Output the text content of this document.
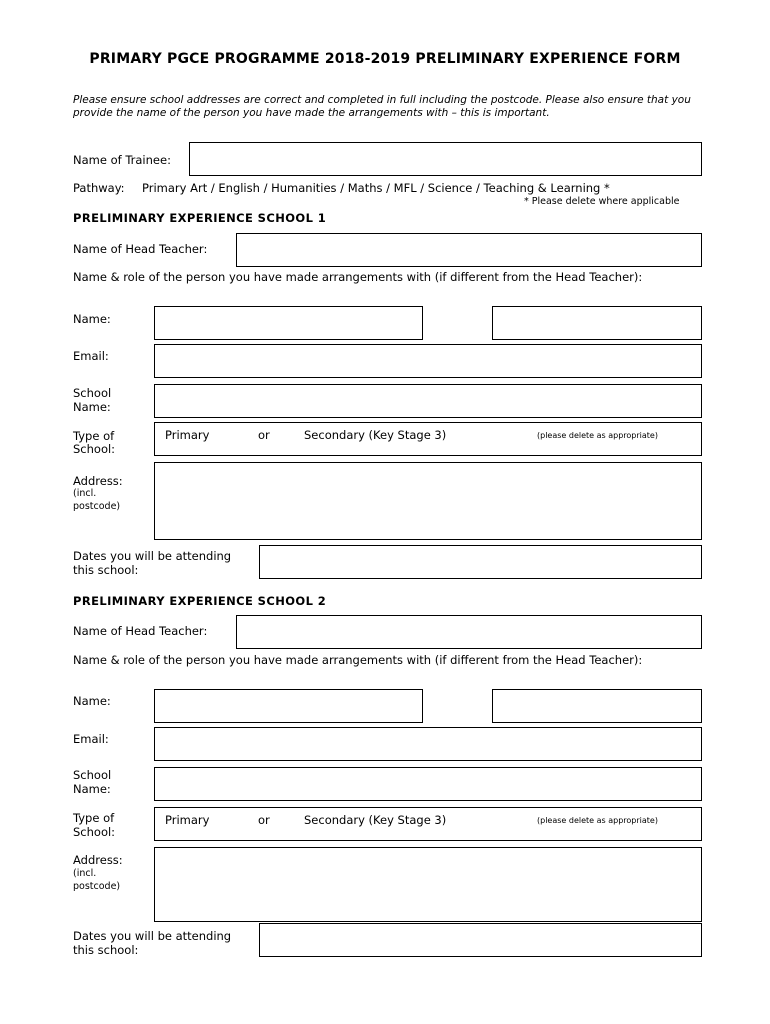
PRIMARY PGCE PROGRAMME 2018-2019 PRELIMINARY EXPERIENCE FORM
Please ensure school addresses are correct and completed in full including the postcode. Please also ensure that you provide the name of the person you have made the arrangements with – this is important.
Name of Trainee:
Pathway: Primary Art / English / Humanities / Maths / MFL / Science / Teaching & Learning *
* Please delete where applicable
PRELIMINARY EXPERIENCE SCHOOL 1
Name of Head Teacher:
Name & role of the person you have made arrangements with (if different from the Head Teacher):
Name:
Email:
School
Name:
Type of
School:
Primary	or	Secondary (Key Stage 3)	(please delete as appropriate)
Address:
(incl.
postcode)
Dates you will be attending
this school:
PRELIMINARY EXPERIENCE SCHOOL 2
Name of Head Teacher:
Name & role of the person you have made arrangements with (if different from the Head Teacher):
Name:
Email:
School
Name:
Type of
School:
Primary	or	Secondary (Key Stage 3)	(please delete as appropriate)
Address:
(incl.
postcode)
Dates you will be attending
this school:
